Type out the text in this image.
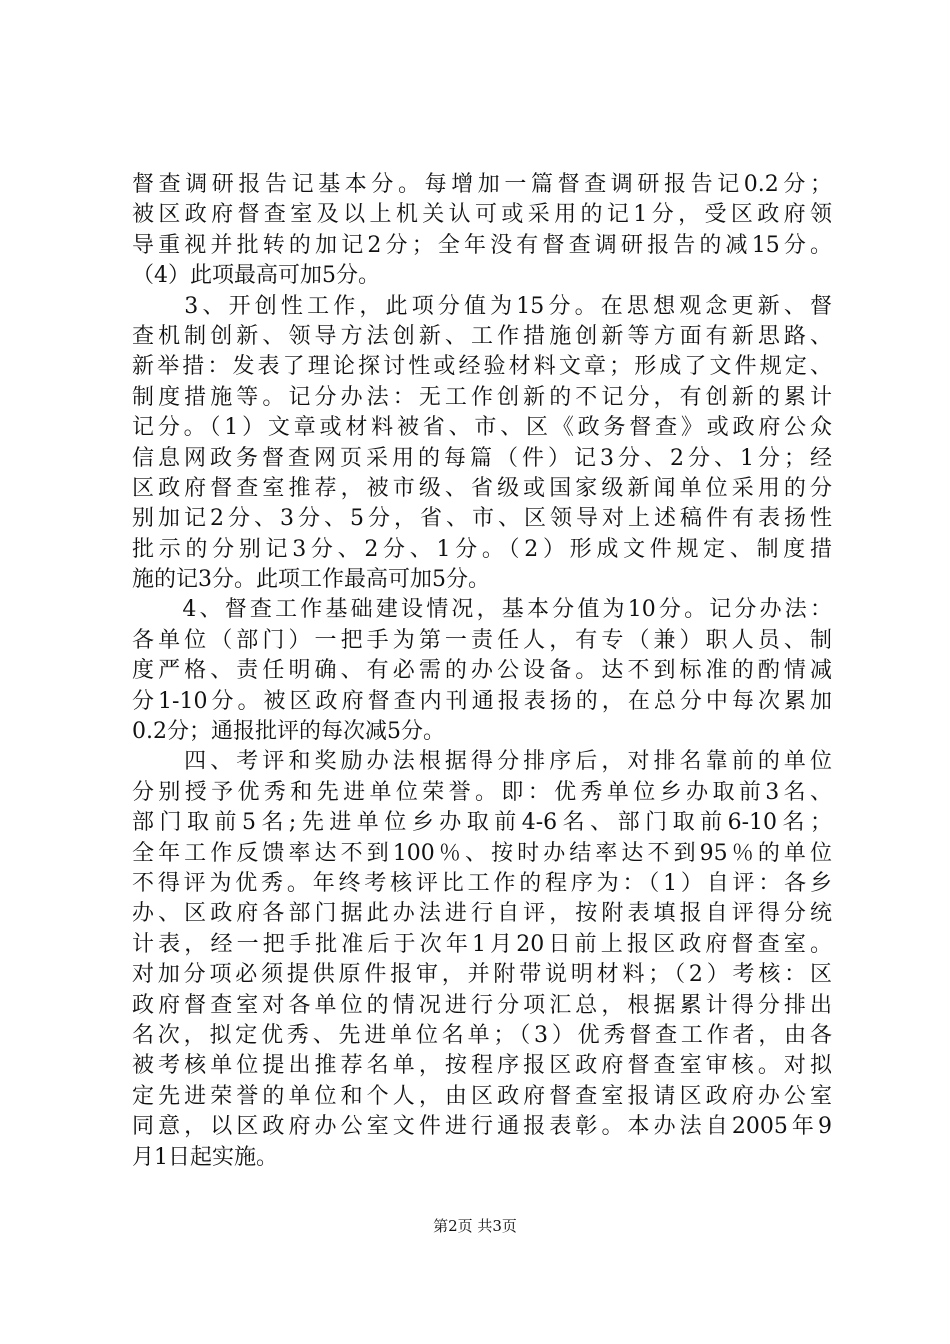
督查调研报告记基本分。每增加一篇督查调研报告记0.2分；
被区政府督查室及以上机关认可或采用的记1分，受区政府领
导重视并批转的加记2分；全年没有督查调研报告的减15分。
（4）此项最高可加5分。
　　3、开创性工作，此项分值为15分。在思想观念更新、督
查机制创新、领导方法创新、工作措施创新等方面有新思路、
新举措：发表了理论探讨性或经验材料文章；形成了文件规定、
制度措施等。记分办法：无工作创新的不记分，有创新的累计
记分。（1）文章或材料被省、市、区《政务督查》或政府公众
信息网政务督查网页采用的每篇（件）记3分、2分、1分；经
区政府督查室推荐，被市级、省级或国家级新闻单位采用的分
别加记2分、3分、5分，省、市、区领导对上述稿件有表扬性
批示的分别记3分、2分、1分。（2）形成文件规定、制度措
施的记3分。此项工作最高可加5分。
　　4、督查工作基础建设情况，基本分值为10分。记分办法：
各单位（部门）一把手为第一责任人，有专（兼）职人员、制
度严格、责任明确、有必需的办公设备。达不到标准的酌情减
分1-10分。被区政府督查内刊通报表扬的，在总分中每次累加
0.2分；通报批评的每次减5分。
　　四、考评和奖励办法根据得分排序后，对排名靠前的单位
分别授予优秀和先进单位荣誉。即：优秀单位乡办取前3名、
部门取前5名;先进单位乡办取前4-6名、部门取前6-10名；
全年工作反馈率达不到100％、按时办结率达不到95％的单位
不得评为优秀。年终考核评比工作的程序为：（1）自评：各乡
办、区政府各部门据此办法进行自评，按附表填报自评得分统
计表，经一把手批准后于次年1月20日前上报区政府督查室。
对加分项必须提供原件报审，并附带说明材料；（2）考核：区
政府督查室对各单位的情况进行分项汇总，根据累计得分排出
名次，拟定优秀、先进单位名单；（3）优秀督查工作者，由各
被考核单位提出推荐名单，按程序报区政府督查室审核。对拟
定先进荣誉的单位和个人，由区政府督查室报请区政府办公室
同意，以区政府办公室文件进行通报表彰。本办法自2005年9
月1日起实施。
第2页 共3页
